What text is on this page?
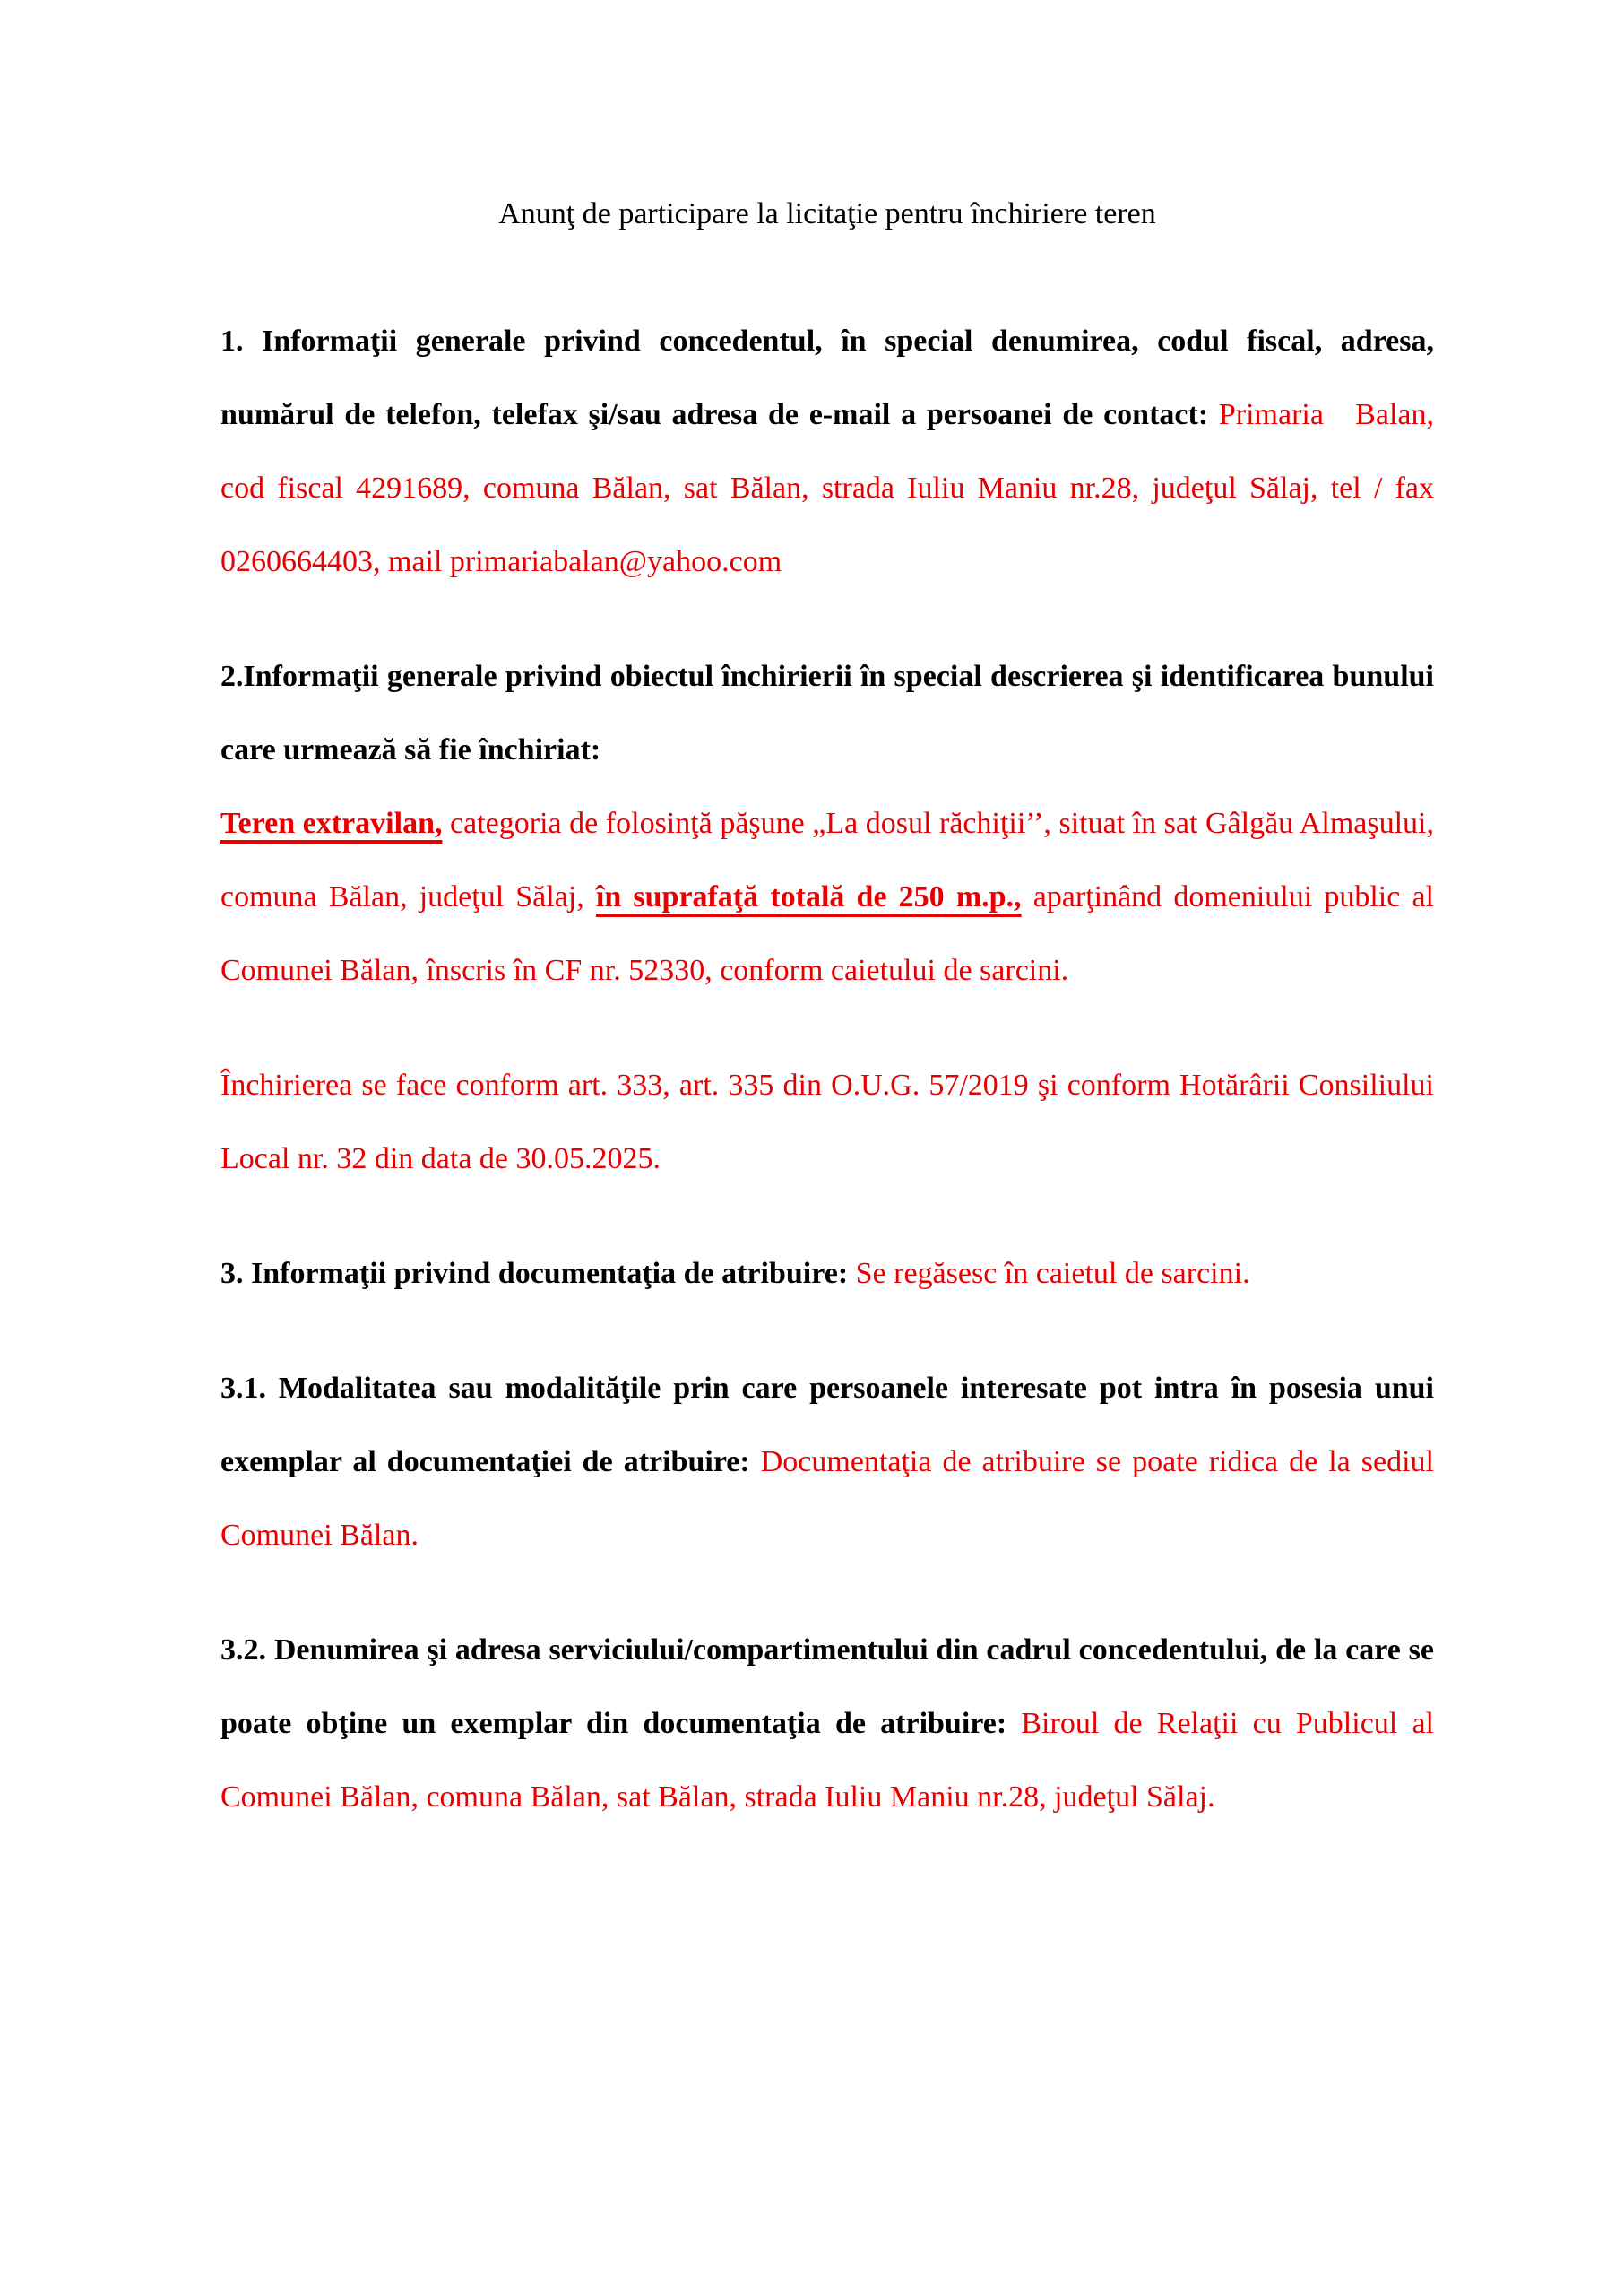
Anunţ de participare la licitaţie pentru închiriere teren

1. Informaţii generale privind concedentul, în special denumirea, codul fiscal, adresa, numărul de telefon, telefax şi/sau adresa de e-mail a persoanei de contact: Primaria   Balan, cod fiscal 4291689, comuna Bălan, sat Bălan, strada Iuliu Maniu nr.28, judeţul Sălaj, tel / fax 0260664403, mail primariabalan@yahoo.com

2.Informaţii generale privind obiectul închirierii în special descrierea şi identificarea bunului care urmează să fie închiriat:

Teren extravilan, categoria de folosinţă păşune „La dosul răchiţii’’, situat în sat Gâlgău Almaşului, comuna Bălan, judeţul Sălaj, în suprafaţă totală de 250 m.p., aparţinând domeniului public al Comunei Bălan, înscris în CF nr. 52330, conform caietului de sarcini.

Închirierea se face conform art. 333, art. 335 din O.U.G. 57/2019 şi conform Hotărârii Consiliului Local nr. 32 din data de 30.05.2025.

3. Informaţii privind documentaţia de atribuire: Se regăsesc în caietul de sarcini.

3.1. Modalitatea sau modalităţile prin care persoanele interesate pot intra în posesia unui exemplar al documentaţiei de atribuire: Documentaţia de atribuire se poate ridica de la sediul Comunei Bălan.

3.2. Denumirea şi adresa serviciului/compartimentului din cadrul concedentului, de la care se poate obţine un exemplar din documentaţia de atribuire: Biroul de Relaţii cu Publicul al Comunei Bălan, comuna Bălan, sat Bălan, strada Iuliu Maniu nr.28, judeţul Sălaj.
